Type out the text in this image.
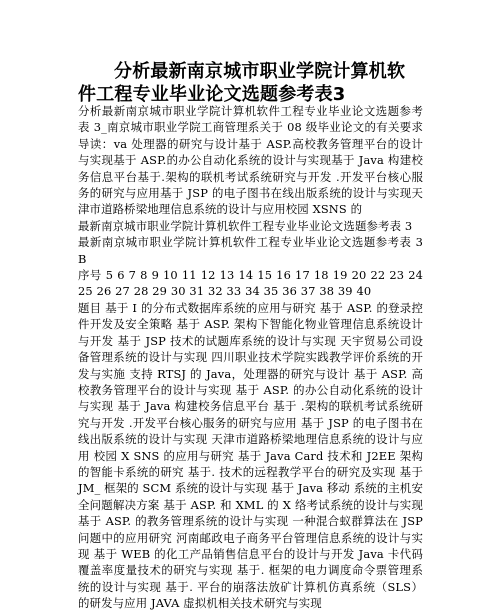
分析最新南京城市职业学院计算机软件工程专业毕业论文选题参考表3

分析最新南京城市职业学院计算机软件工程专业毕业论文选题参考表 3_南京城市职业学院工商管理系关于 08 级毕业论文的有关要求导读：va 处理器的研究与设计基于 ASP.高校教务管理平台的设计与实现基于 ASP.的办公自动化系统的设计与实现基于 Java 构建校务信息平台基于.架构的联机考试系统研究与开发 .开发平台核心服务的研究与应用基于 JSP 的电子图书在线出版系统的设计与实现天津市道路桥梁地理信息系统的设计与应用校园 XSNS 的

最新南京城市职业学院计算机软件工程专业毕业论文选题参考表 3

最新南京城市职业学院计算机软件工程专业毕业论文选题参考表 3 B

序号 5 6 7 8 9 10 11 12 13 14 15 16 17 18 19 20 22 23 24 25 26 27 28 29 30 31 32 33 34 35 36 37 38 39 40

题目 基于 I 的分布式数据库系统的应用与研究 基于 ASP. 的登录控件开发及安全策略 基于 ASP. 架构下智能化物业管理信息系统设计与开发 基于 JSP 技术的试题库系统的设计与实现 天宇贸易公司设备管理系统的设计与实现 四川职业技术学院实践教学评价系统的开发与实施 支持 RTSJ 的 Java，处理器的研究与设计 基于 ASP. 高校教务管理平台的设计与实现 基于 ASP. 的办公自动化系统的设计与实现 基于 Java 构建校务信息平台 基于 .架构的联机考试系统研究与开发 .开发平台核心服务的研究与应用 基于 JSP 的电子图书在线出版系统的设计与实现 天津市道路桥梁地理信息系统的设计与应用 校园 X SNS 的应用与研究 基于 Java Card 技术和 J2EE 架构的智能卡系统的研究 基于. 技术的远程教学平台的研究及实现 基于 JM_ 框架的 SCM 系统的设计与实现 基于 Java 移动 系统的主机安全问题解决方案 基于 ASP. 和 XML 的 X 络考试系统的设计与实现 基于 ASP. 的教务管理系统的设计与实现 一种混合蚁群算法在 JSP 问题中的应用研究 河南邮政电子商务平台管理信息系统的设计与实现 基于 WEB 的化工产品销售信息平台的设计与开发 Java 卡代码覆盖率度量技术的研究与实现 基于. 框架的电力调度命令票管理系统的设计与实现 基于. 平台的崩落法放矿计算机仿真系统（SLS）的研发与应用 JAVA 虚拟机相关技术研究与实现
